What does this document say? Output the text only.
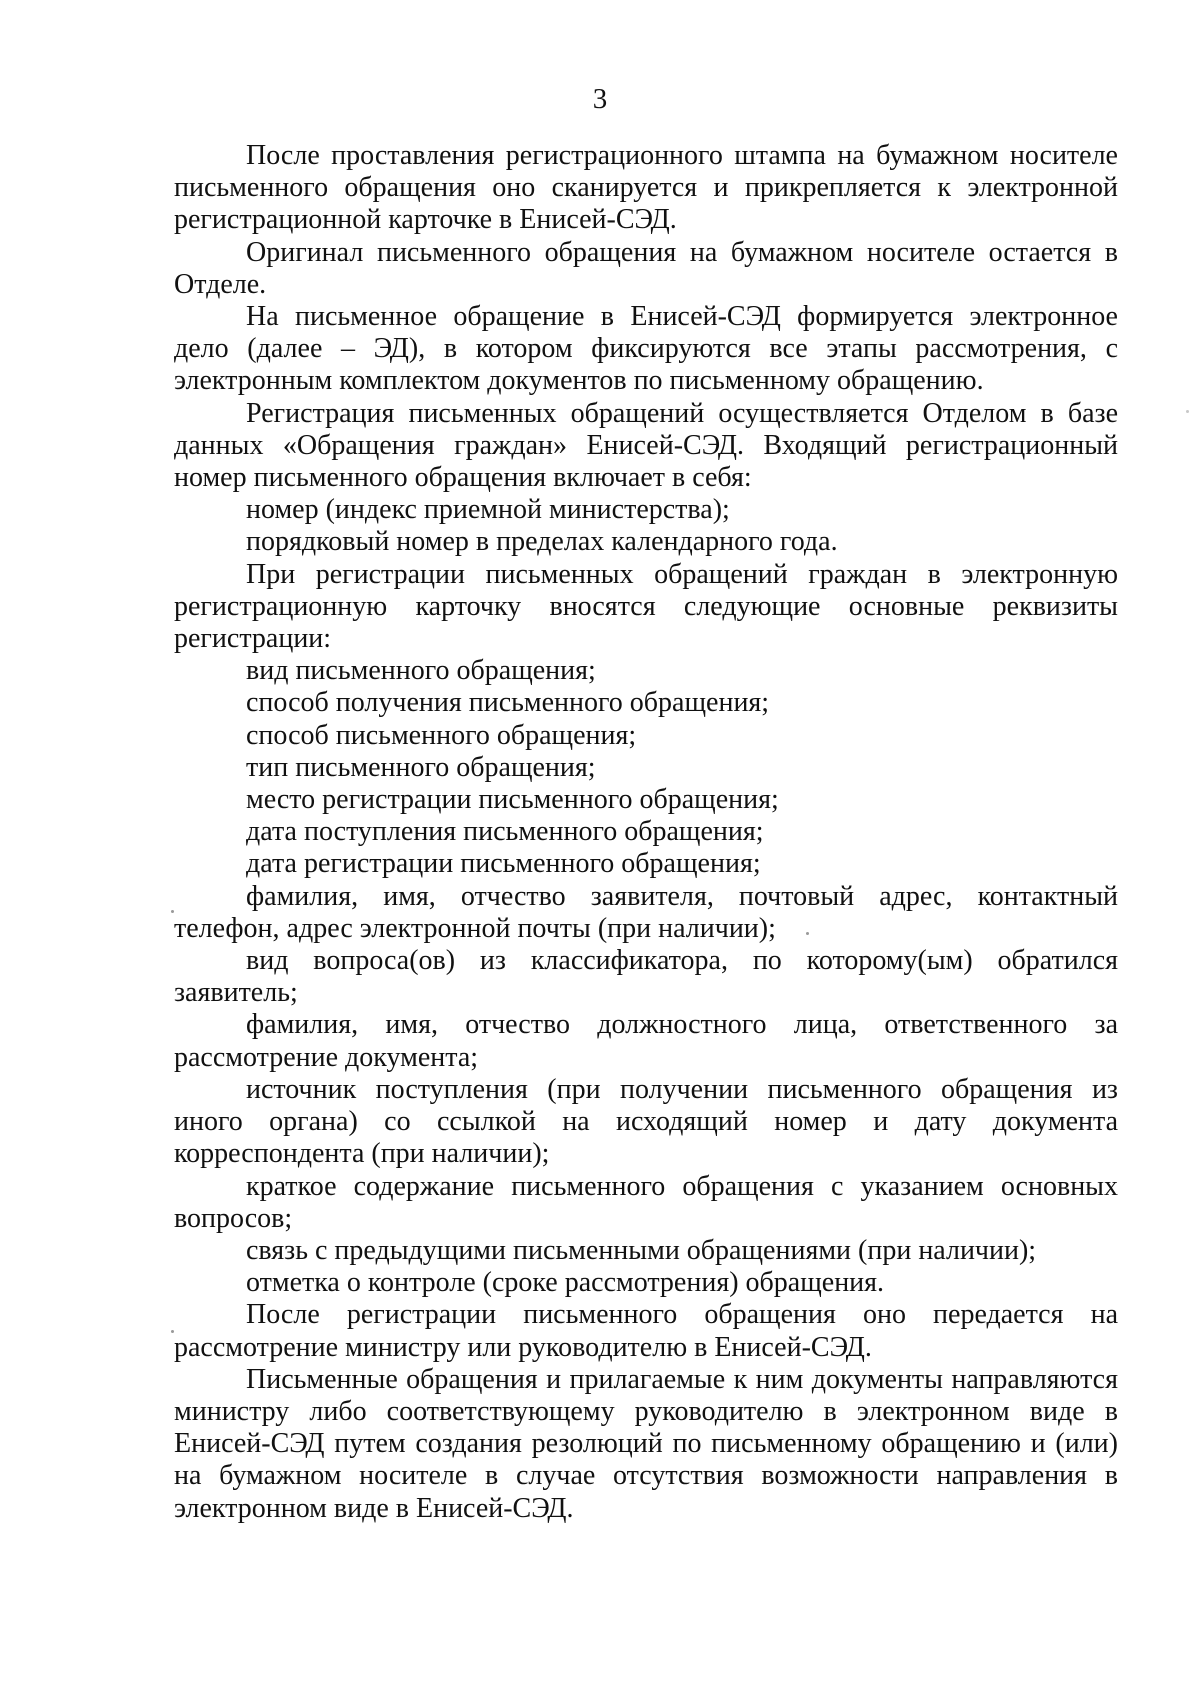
3

После проставления регистрационного штампа на бумажном носителе письменного обращения оно сканируется и прикрепляется к электронной регистрационной карточке в Енисей-СЭД.

Оригинал письменного обращения на бумажном носителе остается в Отделе.

На письменное обращение в Енисей-СЭД формируется электронное дело (далее – ЭД), в котором фиксируются все этапы рассмотрения, с электронным комплектом документов по письменному обращению.

Регистрация письменных обращений осуществляется Отделом в базе данных «Обращения граждан» Енисей-СЭД. Входящий регистрационный номер письменного обращения включает в себя:

номер (индекс приемной министерства);

порядковый номер в пределах календарного года.

При регистрации письменных обращений граждан в электронную регистрационную карточку вносятся следующие основные реквизиты регистрации:

вид письменного обращения;

способ получения письменного обращения;

способ письменного обращения;

тип письменного обращения;

место регистрации письменного обращения;

дата поступления письменного обращения;

дата регистрации письменного обращения;

фамилия, имя, отчество заявителя, почтовый адрес, контактный телефон, адрес электронной почты (при наличии);

вид вопроса(ов) из классификатора, по которому(ым) обратился заявитель;

фамилия, имя, отчество должностного лица, ответственного за рассмотрение документа;

источник поступления (при получении письменного обращения из иного органа) со ссылкой на исходящий номер и дату документа корреспондента (при наличии);

краткое содержание письменного обращения с указанием основных вопросов;

связь с предыдущими письменными обращениями (при наличии);

отметка о контроле (сроке рассмотрения) обращения.

После регистрации письменного обращения оно передается на рассмотрение министру или руководителю в Енисей-СЭД.

Письменные обращения и прилагаемые к ним документы направляются министру либо соответствующему руководителю в электронном виде в Енисей-СЭД путем создания резолюций по письменному обращению и (или) на бумажном носителе в случае отсутствия возможности направления в электронном виде в Енисей-СЭД.
